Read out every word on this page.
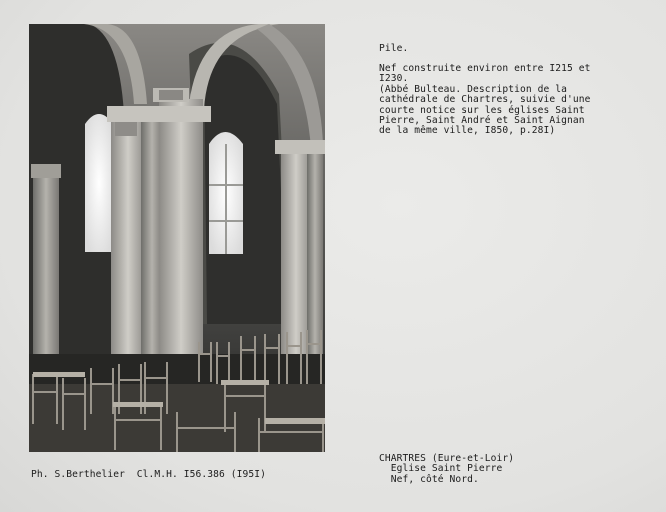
Pile.
Nef construite environ entre I215 et
I230.
(Abbé Bulteau. Description de la
cathédrale de Chartres, suivie d'une
courte notice sur les églises Saint
Pierre, Saint André et Saint Aignan
de la même ville, I850, p.28I)
CHARTRES (Eure-et-Loir)
Eglise Saint Pierre
Nef, côté Nord.
Ph. S.Berthelier  Cl.M.H. I56.386 (I95I)
